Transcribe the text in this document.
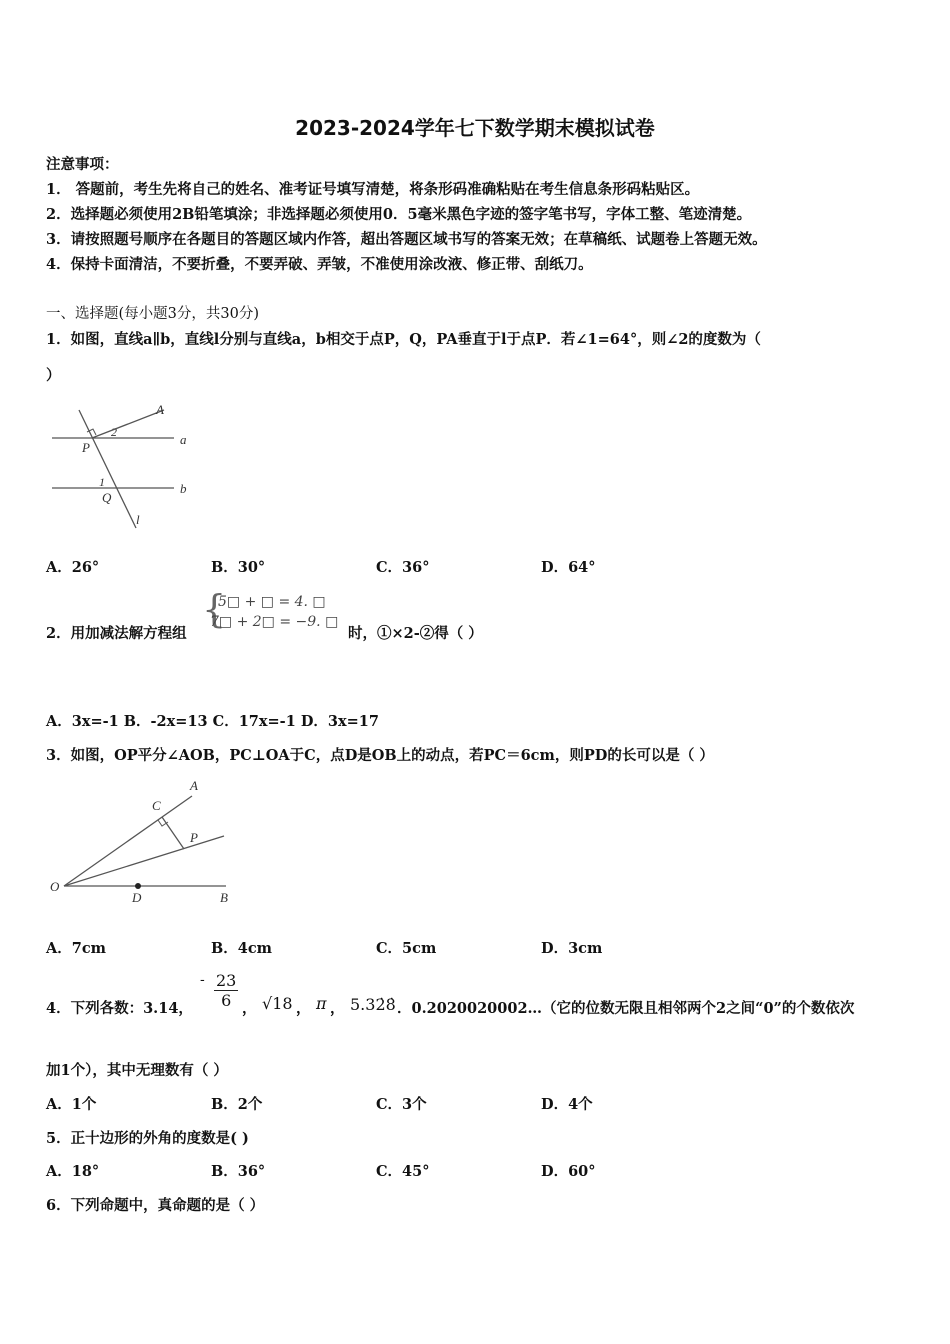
2023-2024学年七下数学期末模拟试卷
注意事项：
1． 答题前，考生先将自己的姓名、准考证号填写清楚，将条形码准确粘贴在考生信息条形码粘贴区。
2．选择题必须使用2B铅笔填涂；非选择题必须使用0．5毫米黑色字迹的签字笔书写，字体工整、笔迹清楚。
3．请按照题号顺序在各题目的答题区域内作答，超出答题区域书写的答案无效；在草稿纸、试题卷上答题无效。
4．保持卡面清洁，不要折叠，不要弄破、弄皱，不准使用涂改液、修正带、刮纸刀。
一、选择题(每小题3分，共30分)
1．如图，直线a∥b，直线l分别与直线a，b相交于点P，Q，PA垂直于l于点P．若∠1=64°，则∠2的度数为（
）
A
2	a
P
1	b
Q
l
A．26°	B．30°	C．36°	D．64°
2．用加减法解方程组
{
5□ + □ = 4. □
7□ + 2□ = −9. □
时，①×2-②得（ ）
A．3x=-1 B．-2x=13 C．17x=-1 D．3x=17
3．如图，OP平分∠AOB，PC⊥OA于C，点D是OB上的动点，若PC＝6cm，则PD的长可以是（ ）
A
C
P
O
D	B
A．7cm	B．4cm	C．5cm	D．3cm
4．下列各数：3.14，
- $\frac{23}{6}$ ， √18 ， π ， 5.32̇8̇ ．0.2020020002…（它的位数无限且相邻两个2之间“0”的个数依次
加1个），其中无理数有（ ）
A．1个	B．2个	C．3个	D．4个
5．正十边形的外角的度数是( )
A．18°	B．36°	C．45°	D．60°
6．下列命题中，真命题的是（ ）
